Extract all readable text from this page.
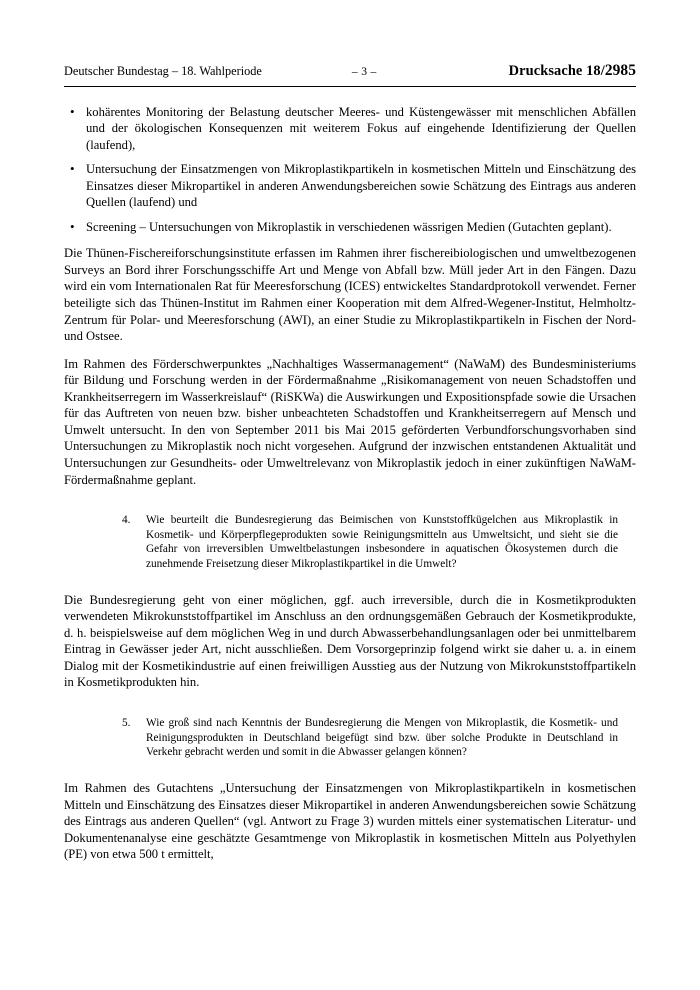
Deutscher Bundestag – 18. Wahlperiode	– 3 –	Drucksache 18/2985
• kohärentes Monitoring der Belastung deutscher Meeres- und Küstengewässer mit menschlichen Abfällen und der ökologischen Konsequenzen mit weiterem Fokus auf eingehende Identifizierung der Quellen (laufend),
• Untersuchung der Einsatzmengen von Mikroplastikpartikeln in kosmetischen Mitteln und Einschätzung des Einsatzes dieser Mikropartikel in anderen Anwendungsbereichen sowie Schätzung des Eintrags aus anderen Quellen (laufend) und
• Screening – Untersuchungen von Mikroplastik in verschiedenen wässrigen Medien (Gutachten geplant).

Die Thünen-Fischereiforschungsinstitute erfassen im Rahmen ihrer fischereibiologischen und umweltbezogenen Surveys an Bord ihrer Forschungsschiffe Art und Menge von Abfall bzw. Müll jeder Art in den Fängen. Dazu wird ein vom Internationalen Rat für Meeresforschung (ICES) entwickeltes Standardprotokoll verwendet. Ferner beteiligte sich das Thünen-Institut im Rahmen einer Kooperation mit dem Alfred-Wegener-Institut, Helmholtz-Zentrum für Polar- und Meeresforschung (AWI), an einer Studie zu Mikroplastikpartikeln in Fischen der Nord- und Ostsee.

Im Rahmen des Förderschwerpunktes „Nachhaltiges Wassermanagement“ (NaWaM) des Bundesministeriums für Bildung und Forschung werden in der Fördermaßnahme „Risikomanagement von neuen Schadstoffen und Krankheitserregern im Wasserkreislauf“ (RiSKWa) die Auswirkungen und Expositionspfade sowie die Ursachen für das Auftreten von neuen bzw. bisher unbeachteten Schadstoffen und Krankheitserregern auf Mensch und Umwelt untersucht. In den von September 2011 bis Mai 2015 geförderten Verbundforschungsvorhaben sind Untersuchungen zu Mikroplastik noch nicht vorgesehen. Aufgrund der inzwischen entstandenen Aktualität und Untersuchungen zur Gesundheits- oder Umweltrelevanz von Mikroplastik jedoch in einer zukünftigen NaWaM-Fördermaßnahme geplant.

4.	Wie beurteilt die Bundesregierung das Beimischen von Kunststoffkügelchen aus Mikroplastik in Kosmetik- und Körperpflegeprodukten sowie Reinigungsmitteln aus Umweltsicht, und sieht sie die Gefahr von irreversiblen Umweltbelastungen insbesondere in aquatischen Ökosystemen durch die zunehmende Freisetzung dieser Mikroplastikpartikel in die Umwelt?

Die Bundesregierung geht von einer möglichen, ggf. auch irreversible, durch die in Kosmetikprodukten verwendeten Mikrokunststoffpartikel im Anschluss an den ordnungsgemäßen Gebrauch der Kosmetikprodukte, d. h. beispielsweise auf dem möglichen Weg in und durch Abwasserbehandlungsanlagen oder bei unmittelbarem Eintrag in Gewässer jeder Art, nicht ausschließen. Dem Vorsorgeprinzip folgend wirkt sie daher u. a. in einem Dialog mit der Kosmetikindustrie auf einen freiwilligen Ausstieg aus der Nutzung von Mikrokunststoffpartikeln in Kosmetikprodukten hin.

5.	Wie groß sind nach Kenntnis der Bundesregierung die Mengen von Mikroplastik, die Kosmetik- und Reinigungsprodukten in Deutschland beigefügt sind bzw. über solche Produkte in Deutschland in Verkehr gebracht werden und somit in die Abwasser gelangen können?

Im Rahmen des Gutachtens „Untersuchung der Einsatzmengen von Mikroplastikpartikeln in kosmetischen Mitteln und Einschätzung des Einsatzes dieser Mikropartikel in anderen Anwendungsbereichen sowie Schätzung des Eintrags aus anderen Quellen“ (vgl. Antwort zu Frage 3) wurden mittels einer systematischen Literatur- und Dokumentenanalyse eine geschätzte Gesamtmenge von Mikroplastik in kosmetischen Mitteln aus Polyethylen (PE) von etwa 500 t ermittelt,
